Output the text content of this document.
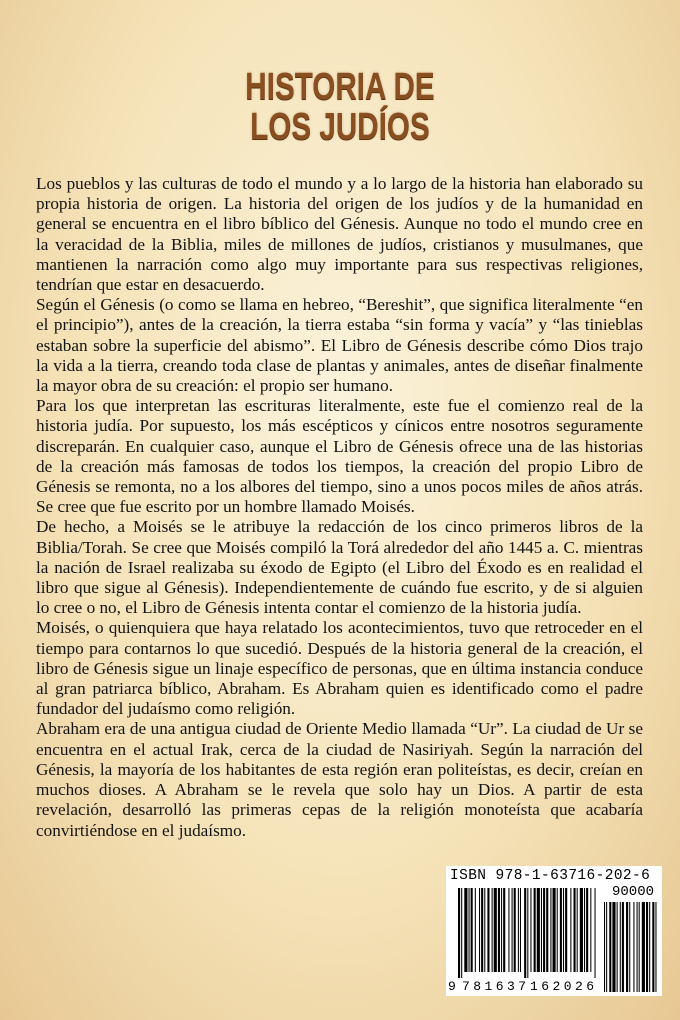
HISTORIA DE
LOS JUDÍOS

Los pueblos y las culturas de todo el mundo y a lo largo de la historia han elaborado su propia historia de origen. La historia del origen de los judíos y de la humanidad en general se encuentra en el libro bíblico del Génesis. Aunque no todo el mundo cree en la veracidad de la Biblia, miles de millones de judíos, cristianos y musulmanes, que mantienen la narración como algo muy importante para sus respectivas religiones, tendrían que estar en desacuerdo.

Según el Génesis (o como se llama en hebreo, “Bereshit”, que significa literalmente “en el principio”), antes de la creación, la tierra estaba “sin forma y vacía” y “las tinieblas estaban sobre la superficie del abismo”. El Libro de Génesis describe cómo Dios trajo la vida a la tierra, creando toda clase de plantas y animales, antes de diseñar finalmente la mayor obra de su creación: el propio ser humano.

Para los que interpretan las escrituras literalmente, este fue el comienzo real de la historia judía. Por supuesto, los más escépticos y cínicos entre nosotros seguramente discreparán. En cualquier caso, aunque el Libro de Génesis ofrece una de las historias de la creación más famosas de todos los tiempos, la creación del propio Libro de Génesis se remonta, no a los albores del tiempo, sino a unos pocos miles de años atrás. Se cree que fue escrito por un hombre llamado Moisés.

De hecho, a Moisés se le atribuye la redacción de los cinco primeros libros de la Biblia/Torah. Se cree que Moisés compiló la Torá alrededor del año 1445 a. C. mientras la nación de Israel realizaba su éxodo de Egipto (el Libro del Éxodo es en realidad el libro que sigue al Génesis). Independientemente de cuándo fue escrito, y de si alguien lo cree o no, el Libro de Génesis intenta contar el comienzo de la historia judía.

Moisés, o quienquiera que haya relatado los acontecimientos, tuvo que retroceder en el tiempo para contarnos lo que sucedió. Después de la historia general de la creación, el libro de Génesis sigue un linaje específico de personas, que en última instancia conduce al gran patriarca bíblico, Abraham. Es Abraham quien es identificado como el padre fundador del judaísmo como religión.

Abraham era de una antigua ciudad de Oriente Medio llamada “Ur”. La ciudad de Ur se encuentra en el actual Irak, cerca de la ciudad de Nasiriyah. Según la narración del Génesis, la mayoría de los habitantes de esta región eran politeístas, es decir, creían en muchos dioses. A Abraham se le revela que solo hay un Dios. A partir de esta revelación, desarrolló las primeras cepas de la religión monoteísta que acabaría convirtiéndose en el judaísmo.

ISBN 978-1-63716-202-6
90000
9 781637 162026
